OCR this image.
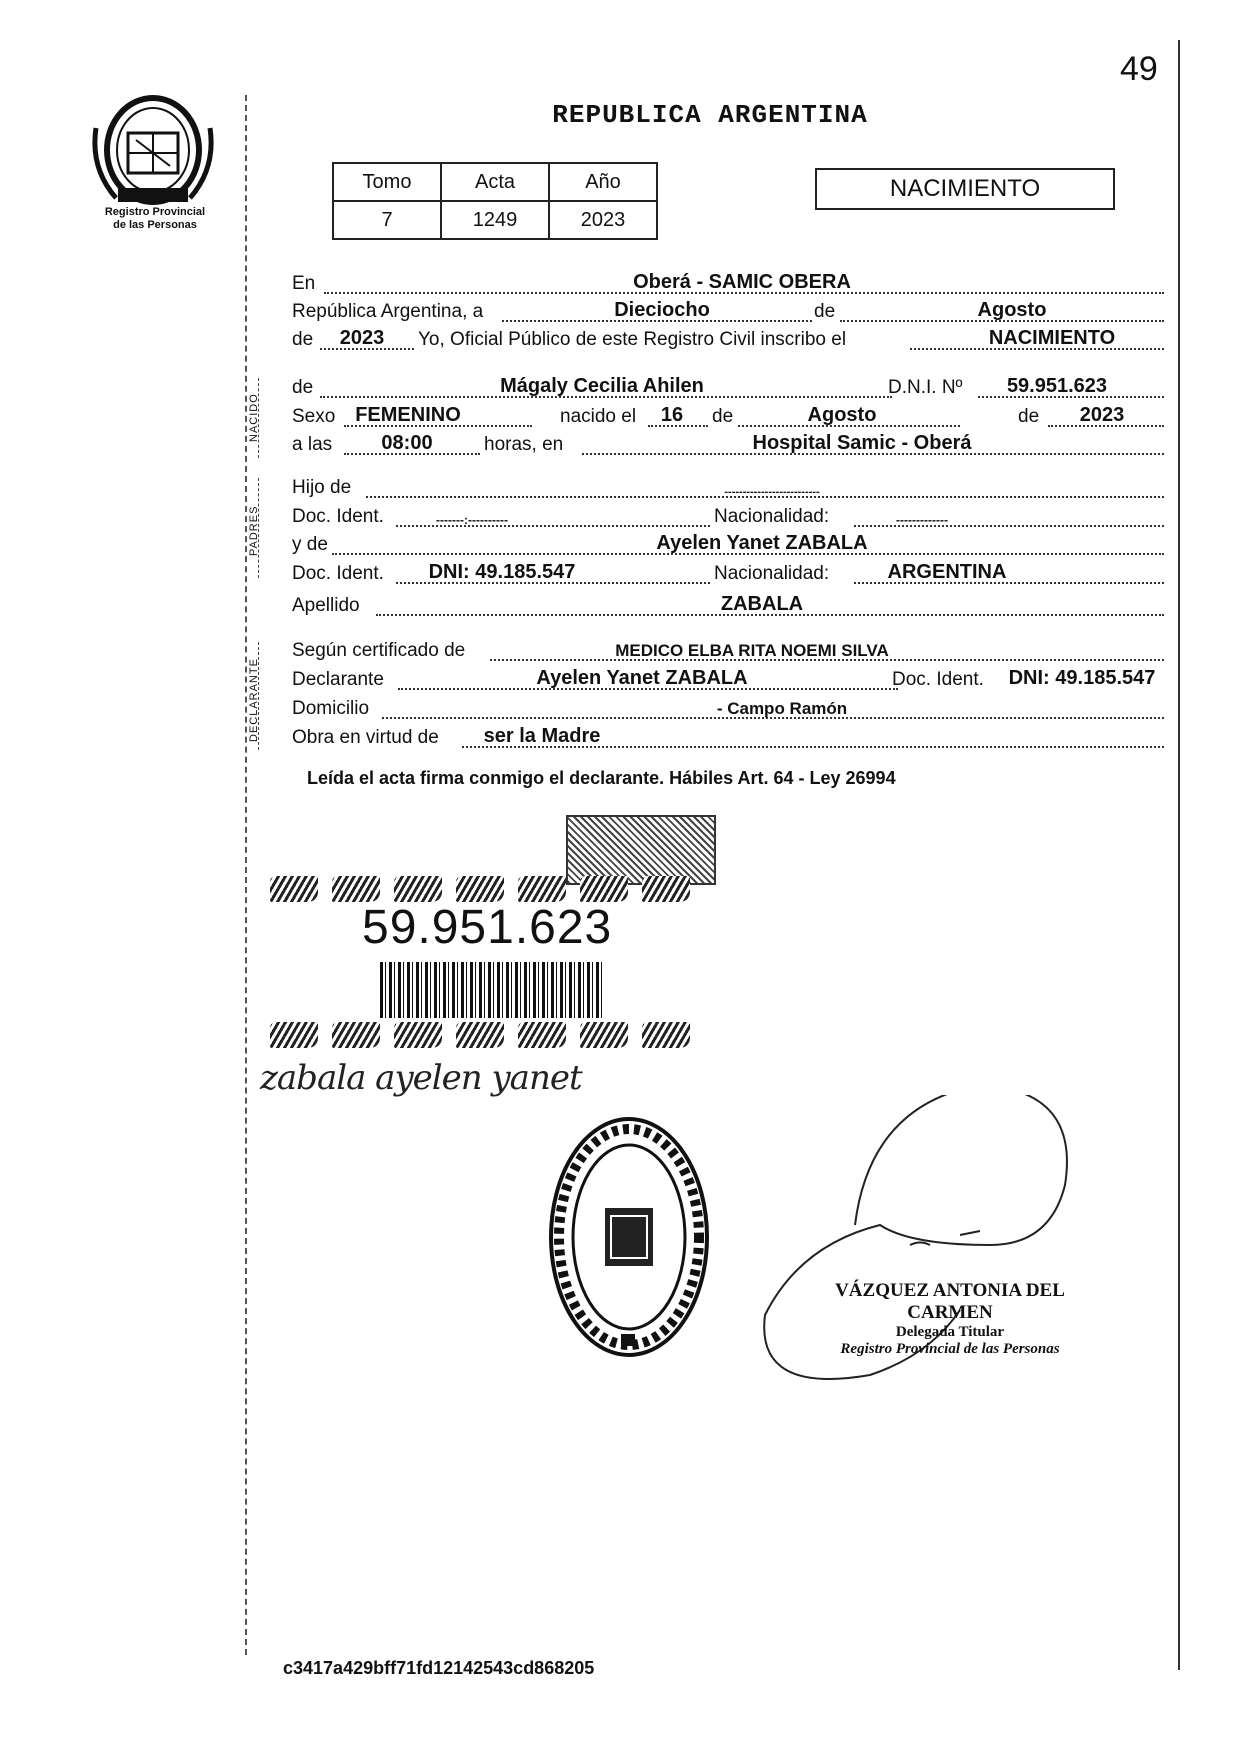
49
Registro Provincial
de las Personas
REPUBLICA ARGENTINA
Tomo	Acta	Año
7	1249	2023
NACIMIENTO
En	Oberá - SAMIC OBERA
República Argentina, a	Dieciocho	de	Agosto
de	2023	Yo, Oficial Público de este Registro Civil inscribo el	NACIMIENTO
NACIDO
de	Mágaly Cecilia Ahilen	D.N.I. Nº	59.951.623
Sexo FEMENINO	nacido el	16	de	Agosto	de	2023
a las	08:00	horas, en	Hospital Samic - Oberá
PADRES
Hijo de	--------------------------
Doc. Ident.	-------:----------	Nacionalidad:	-------------
y de	Ayelen Yanet ZABALA
Doc. Ident.	DNI: 49.185.547	Nacionalidad:	ARGENTINA
Apellido	ZABALA
DECLARANTE
Según certificado de	MEDICO ELBA RITA NOEMI SILVA
Declarante	Ayelen Yanet ZABALA	Doc. Ident.	DNI: 49.185.547
Domicilio	- Campo Ramón
Obra en virtud de	ser la Madre
Leída el acta firma conmigo el declarante. Hábiles Art. 64 - Ley 26994
59.951.623
zabala ayelen yanet
VÁZQUEZ ANTONIA DEL CARMEN
Delegada Titular
Registro Provincial de las Personas
c3417a429bff71fd12142543cd868205
